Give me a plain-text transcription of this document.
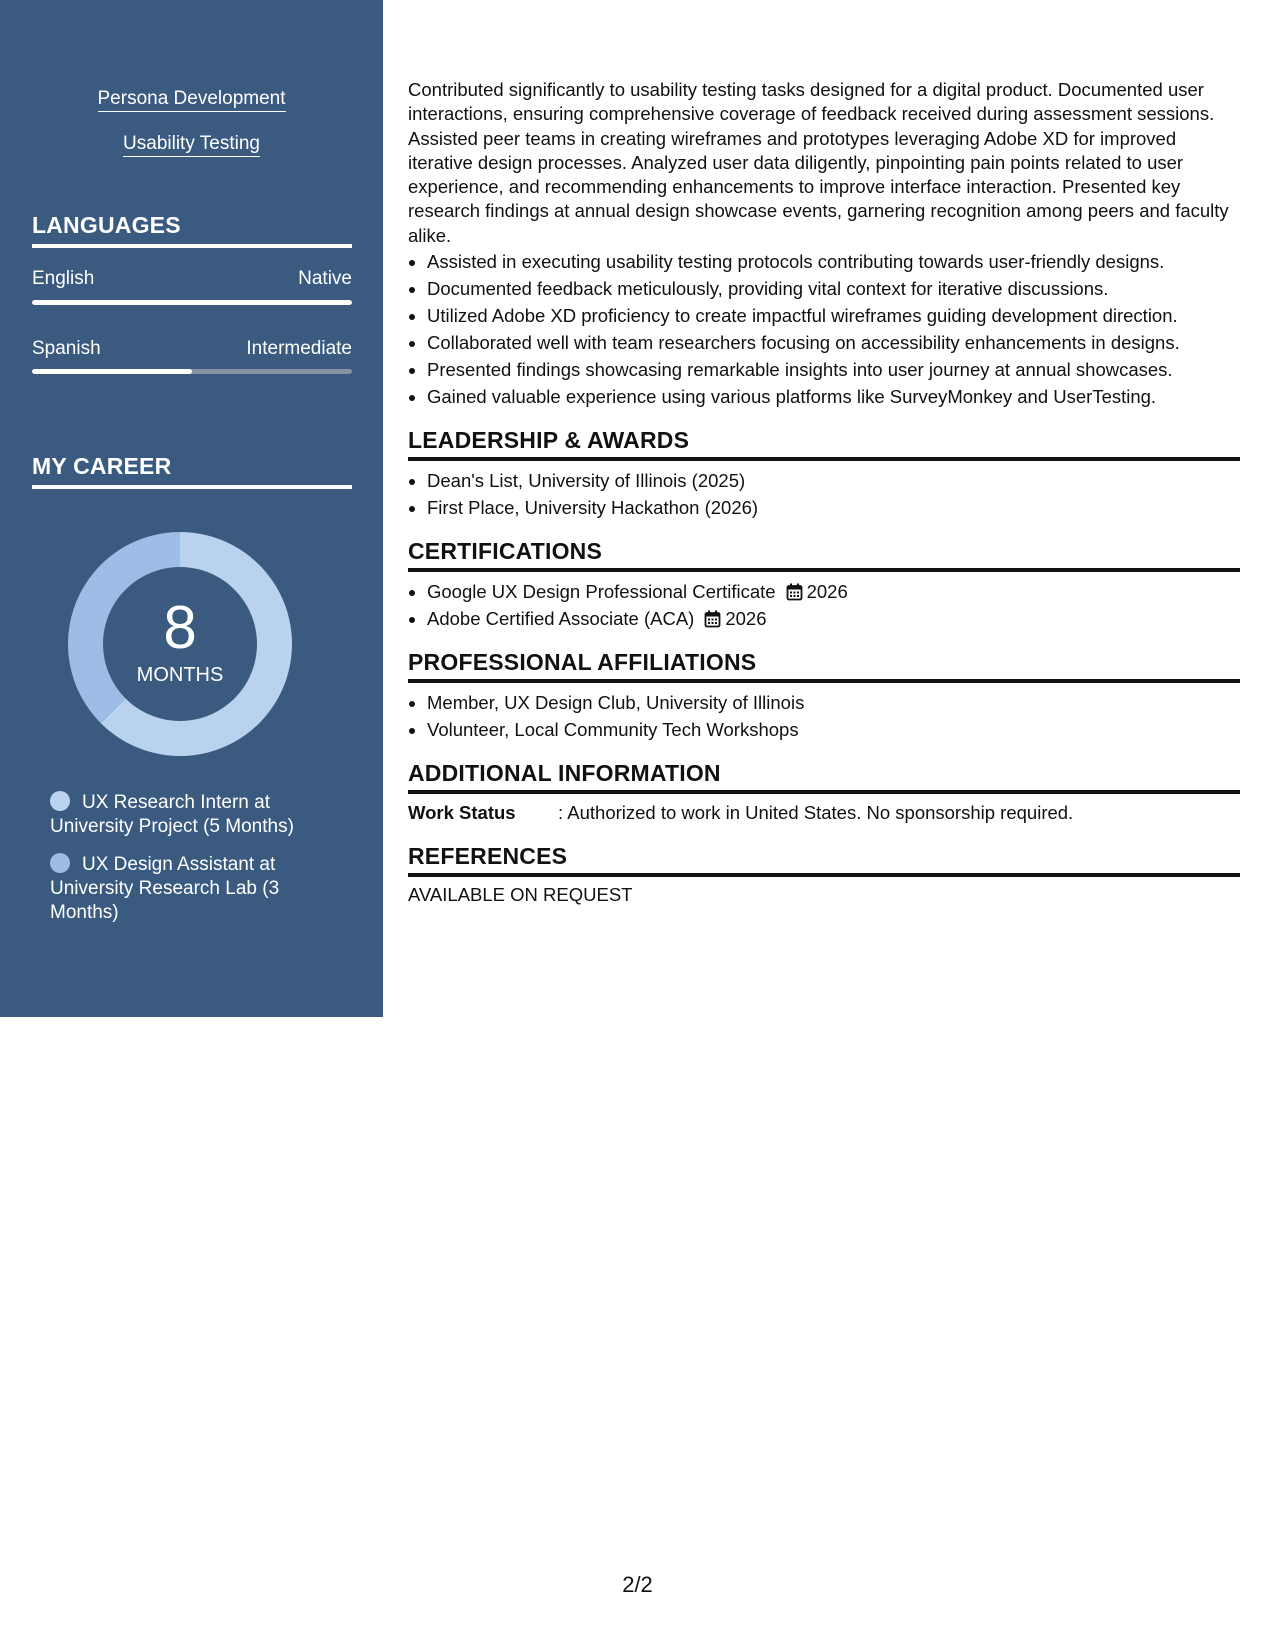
Persona Development
Usability Testing
LANGUAGES
English	Native
Spanish	Intermediate
MY CAREER
8
MONTHS
UX Research Intern at University Project (5 Months)
UX Design Assistant at University Research Lab (3 Months)

Contributed significantly to usability testing tasks designed for a digital product. Documented user interactions, ensuring comprehensive coverage of feedback received during assessment sessions. Assisted peer teams in creating wireframes and prototypes leveraging Adobe XD for improved iterative design processes. Analyzed user data diligently, pinpointing pain points related to user experience, and recommending enhancements to improve interface interaction. Presented key research findings at annual design showcase events, garnering recognition among peers and faculty alike.

• Assisted in executing usability testing protocols contributing towards user-friendly designs.
• Documented feedback meticulously, providing vital context for iterative discussions.
• Utilized Adobe XD proficiency to create impactful wireframes guiding development direction.
• Collaborated well with team researchers focusing on accessibility enhancements in designs.
• Presented findings showcasing remarkable insights into user journey at annual showcases.
• Gained valuable experience using various platforms like SurveyMonkey and UserTesting.
LEADERSHIP & AWARDS
• Dean's List, University of Illinois (2025)
• First Place, University Hackathon (2026)
CERTIFICATIONS
• Google UX Design Professional Certificate 2026
• Adobe Certified Associate (ACA) 2026
PROFESSIONAL AFFILIATIONS
• Member, UX Design Club, University of Illinois
• Volunteer, Local Community Tech Workshops
ADDITIONAL INFORMATION
Work Status : Authorized to work in United States. No sponsorship required.
REFERENCES
AVAILABLE ON REQUEST
2/2
